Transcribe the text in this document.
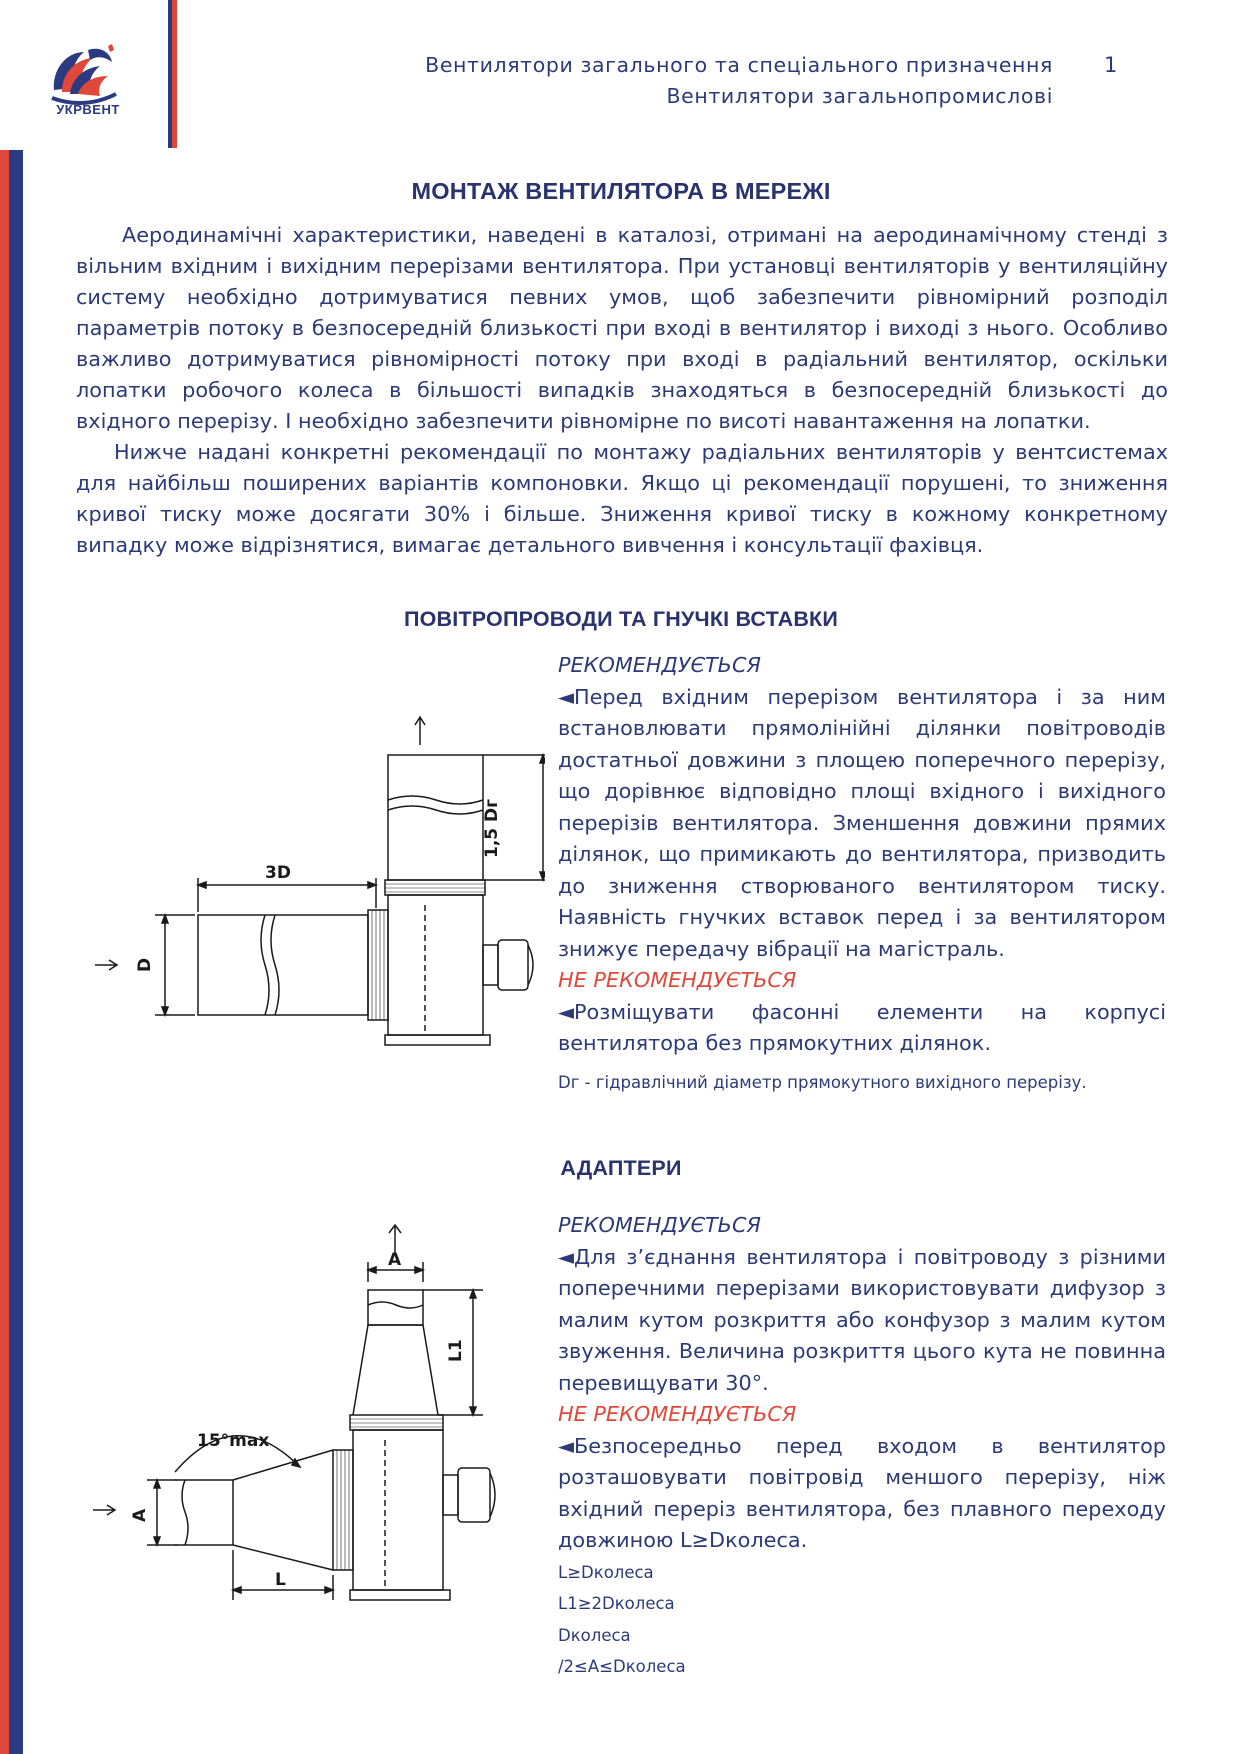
УКРВЕНТ
Вентилятори загального та спеціального призначення
Вентилятори загальнопромислові
1
МОНТАЖ ВЕНТИЛЯТОРА В МЕРЕЖІ
Аеродинамічні характеристики, наведені в каталозі, отримані на аеродинамічному стенді з вільним вхідним і вихідним перерізами вентилятора. При установці вентиляторів у вентиляційну систему необхідно дотримуватися певних умов, щоб забезпечити рівномірний розподіл параметрів потоку в безпосередній близькості при вході в вентилятор і виході з нього. Особливо важливо дотримуватися рівномірності потоку при вході в радіальний вентилятор, оскільки лопатки робочого колеса в більшості випадків знаходяться в безпосередній близькості до вхідного перерізу. І необхідно забезпечити рівномірне по висоті навантаження на лопатки.
Нижче надані конкретні рекомендації по монтажу радіальних вентиляторів у вентсистемах для найбільш поширених варіантів компоновки. Якщо ці рекомендації порушені, то зниження кривої тиску може досягати 30% і більше. Зниження кривої тиску в кожному конкретному випадку може відрізнятися, вимагає детального вивчення і консультації фахівця.
ПОВІТРОПРОВОДИ ТА ГНУЧКІ ВСТАВКИ

РЕКОМЕНДУЄТЬСЯ

◄Перед вхідним перерізом вентилятора і за ним встановлювати прямолінійні ділянки повітроводів достатньої довжини з площею поперечного перерізу, що дорівнює відповідно площі вхідного і вихідного перерізів вентилятора. Зменшення довжини прямих ділянок, що примикають до вентилятора, призводить до зниження створюваного вентилятором тиску. Наявність гнучких вставок перед і за вентилятором знижує передачу вібрації на магістраль.

НЕ РЕКОМЕНДУЄТЬСЯ

◄Розміщувати фасонні елементи на корпусі вентилятора без прямокутних ділянок.

Dг - гідравлічний діаметр прямокутного вихідного перерізу.
3D
D
1,5 Dг
АДАПТЕРИ

РЕКОМЕНДУЄТЬСЯ

◄Для з’єднання вентилятора і повітроводу з різними поперечними перерізами використовувати дифузор з малим кутом розкриття або конфузор з малим кутом звуження. Величина розкриття цього кута не повинна перевищувати 30°.

НЕ РЕКОМЕНДУЄТЬСЯ

◄Безпосередньо перед входом в вентилятор розташовувати повітровід меншого перерізу, ніж вхідний переріз вентилятора, без плавного переходу довжиною L≥Dколеса.

L≥Dколеса

L1≥2Dколеса

Dколеса

/2≤A≤Dколеса

15°max
A
A
L1
L
